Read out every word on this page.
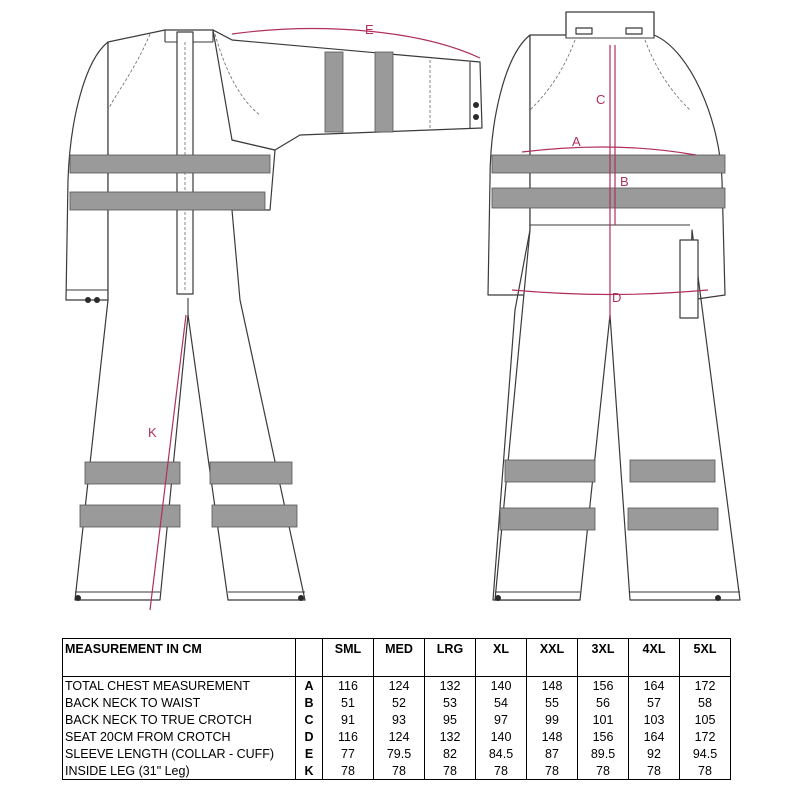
E
K
C
A
B
D
MEASUREMENT IN CM		SML	MED	LRG	XL	XXL	3XL	4XL	5XL
TOTAL CHEST MEASUREMENT	A	116	124	132	140	148	156	164	172
BACK NECK TO WAIST	B	51	52	53	54	55	56	57	58
BACK NECK TO TRUE CROTCH	C	91	93	95	97	99	101	103	105
SEAT 20CM FROM CROTCH	D	116	124	132	140	148	156	164	172
SLEEVE LENGTH (COLLAR - CUFF)	E	77	79.5	82	84.5	87	89.5	92	94.5
INSIDE LEG (31" Leg)	K	78	78	78	78	78	78	78	78
